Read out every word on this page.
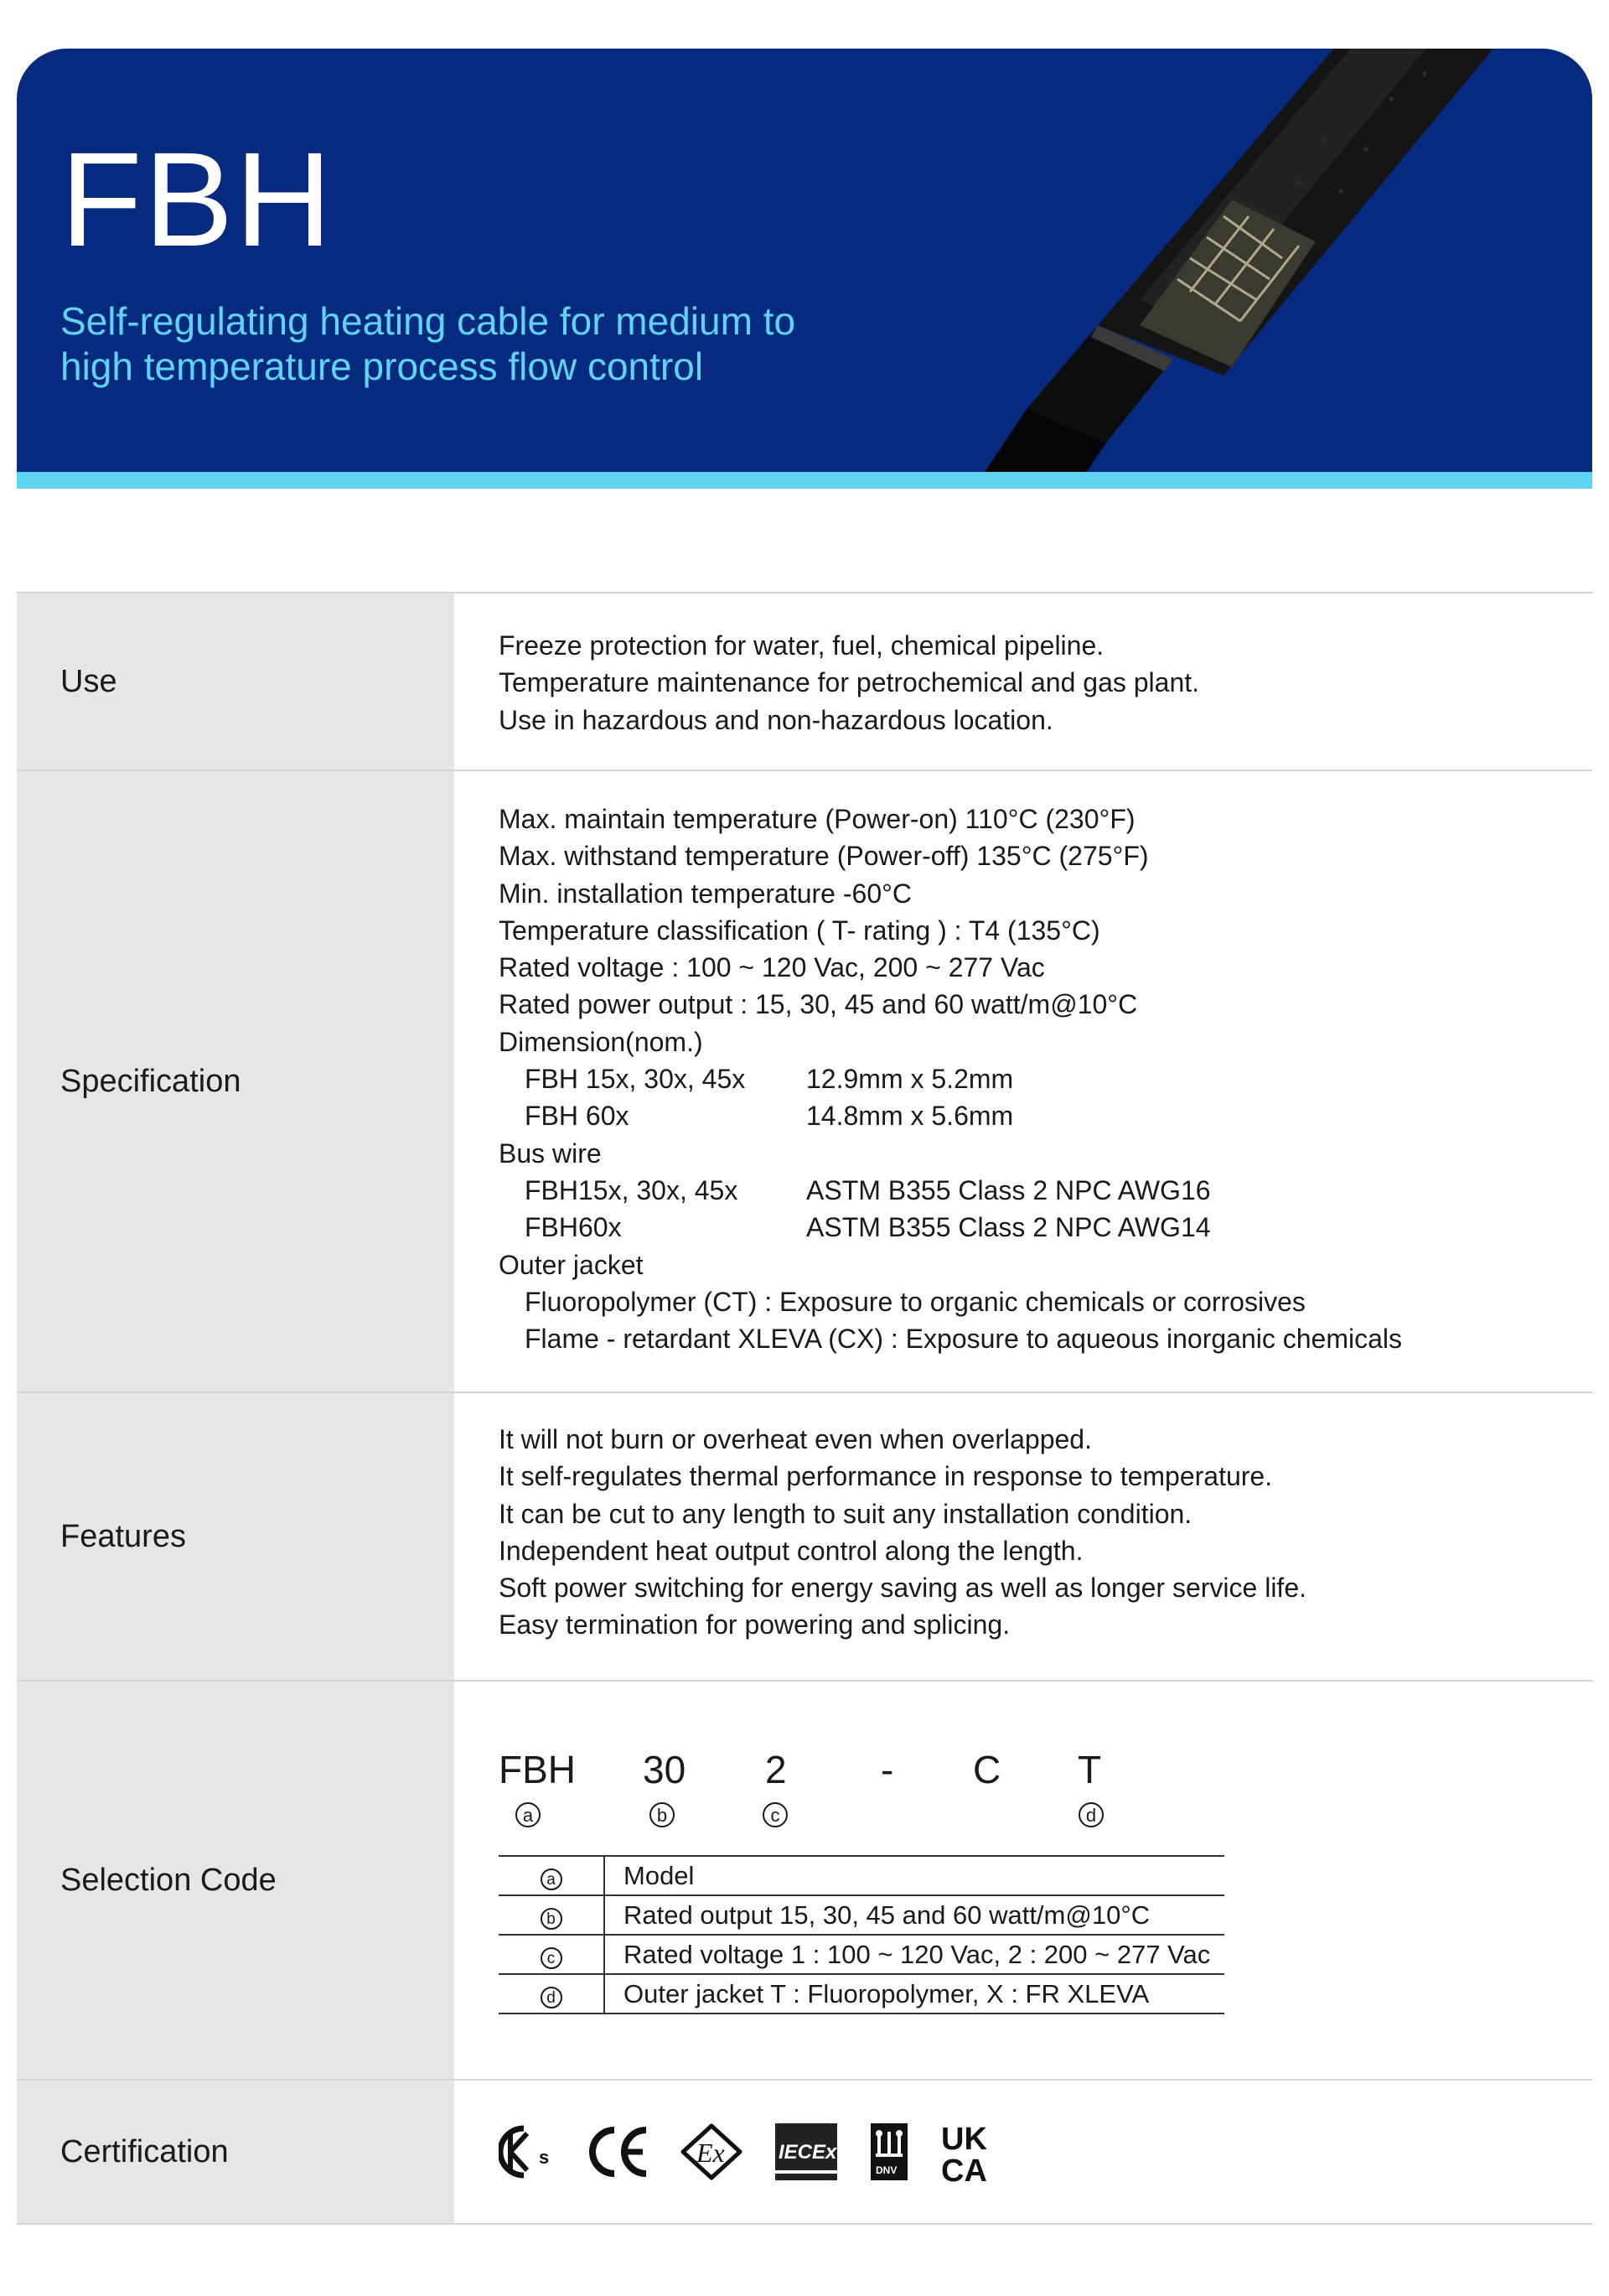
FBH
Self-regulating heating cable for medium to
high temperature process flow control
Use
Freeze protection for water, fuel, chemical pipeline.
Temperature maintenance for petrochemical and gas plant.
Use in hazardous and non-hazardous location.
Specification
Max. maintain temperature (Power-on) 110°C (230°F)
Max. withstand temperature (Power-off) 135°C (275°F)
Min. installation temperature -60°C
Temperature classification ( T- rating ) : T4 (135°C)
Rated voltage : 100 ~ 120 Vac, 200 ~ 277 Vac
Rated power output : 15, 30, 45 and 60 watt/m@10°C
Dimension(nom.)
FBH 15x, 30x, 45x 12.9mm x 5.2mm
FBH 60x	14.8mm x 5.6mm
Bus wire
FBH15x, 30x, 45x	ASTM B355 Class 2 NPC AWG16
FBH60x	ASTM B355 Class 2 NPC AWG14
Outer jacket
Fluoropolymer (CT) : Exposure to organic chemicals or corrosives
Flame - retardant XLEVA (CX) : Exposure to aqueous inorganic chemicals
Features
It will not burn or overheat even when overlapped.
It self-regulates thermal performance in response to temperature.
It can be cut to any length to suit any installation condition.
Independent heat output control along the length.
Soft power switching for energy saving as well as longer service life.
Easy termination for powering and splicing.
Selection Code
FBH 30 2 - C T
a	b	c	d
a	Model
b	Rated output 15, 30, 45 and 60 watt/m@10°C
c	Rated voltage 1 : 100 ~ 120 Vac, 2 : 200 ~ 277 Vac
d	Outer jacket T : Fluoropolymer, X : FR XLEVA
Certification	s	Ex	IECEx
DNV
UK
CA
